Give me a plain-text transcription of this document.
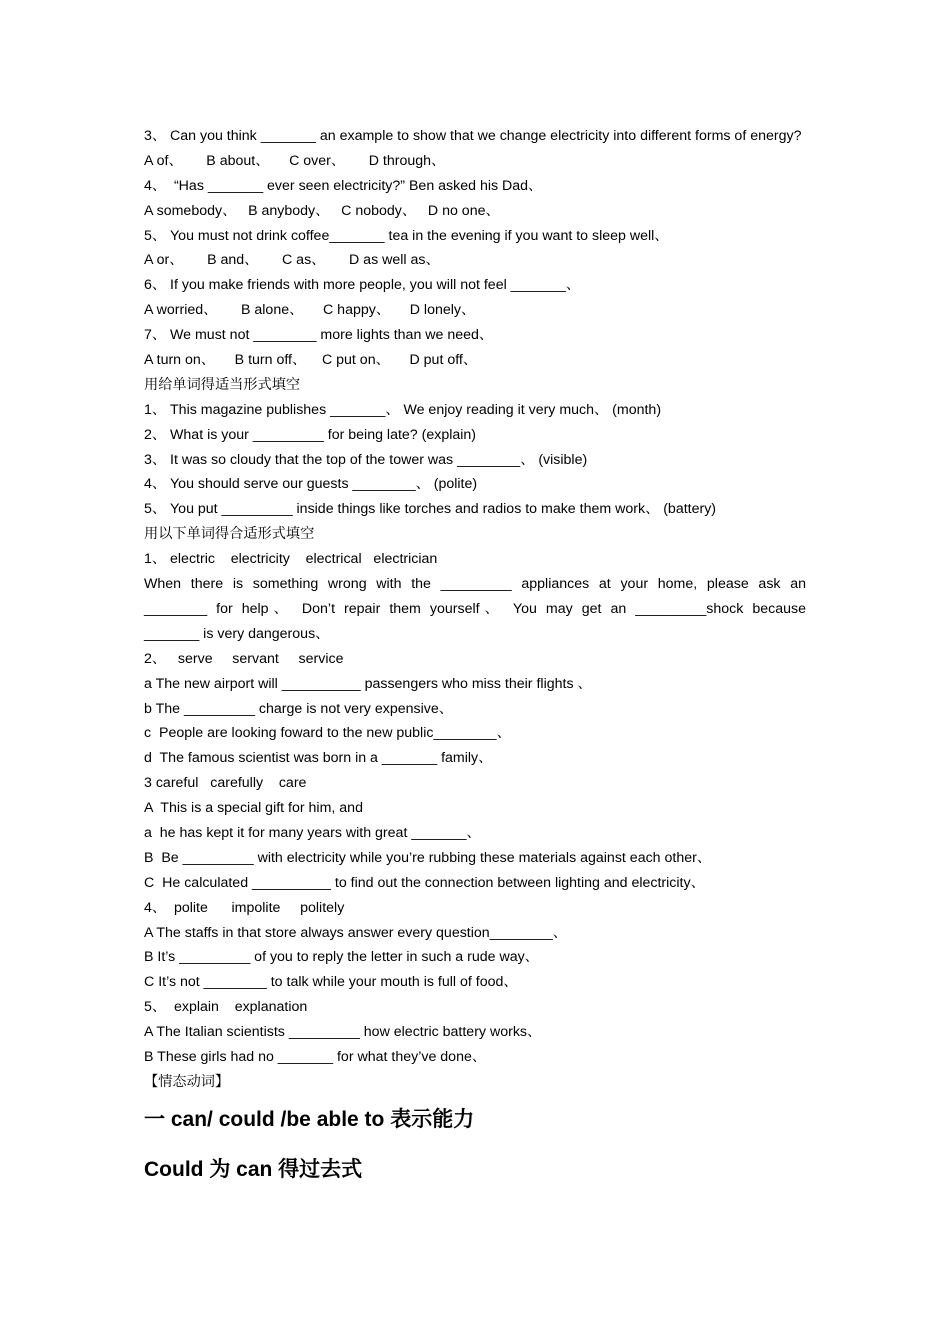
3、 Can you think _______ an example to show that we change electricity into different forms of energy?
A of、      B about、     C over、      D through、
4、  “Has _______ ever seen electricity?” Ben asked his Dad、
A somebody、   B anybody、   C nobody、   D no one、
5、 You must not drink coffee_______ tea in the evening if you want to sleep well、
A or、      B and、      C as、      D as well as、
6、 If you make friends with more people, you will not feel _______、
A worried、      B alone、     C happy、     D lonely、
7、 We must not ________ more lights than we need、
A turn on、     B turn off、    C put on、     D put off、
用给单词得适当形式填空
1、 This magazine publishes _______、 We enjoy reading it very much、 (month)
2、 What is your _________ for being late? (explain)
3、 It was so cloudy that the top of the tower was ________、 (visible)
4、 You should serve our guests ________、 (polite)
5、 You put _________ inside things like torches and radios to make them work、 (battery)
用以下单词得合适形式填空
1、 electric    electricity    electrical   electrician
When there is something wrong with the _________ appliances at your home, please ask an
________ for help、 Don’t repair them yourself、 You may get an _________shock because
_______ is very dangerous、
2、   serve     servant     service
a The new airport will __________ passengers who miss their flights 、
b The _________ charge is not very expensive、
c  People are looking foward to the new public________、
d  The famous scientist was born in a _______ family、
3 careful   carefully    care
A  This is a special gift for him, and
a  he has kept it for many years with great _______、
B  Be _________ with electricity while you’re rubbing these materials against each other、
C  He calculated __________ to find out the connection between lighting and electricity、
4、  polite      impolite     politely
A The staffs in that store always answer every question________、
B It’s _________ of you to reply the letter in such a rude way、
C It’s not ________ to talk while your mouth is full of food、
5、  explain    explanation
A The Italian scientists _________ how electric battery works、
B These girls had no _______ for what they’ve done、
【情态动词】
一 can/ could /be able to 表示能力
Could 为 can 得过去式
